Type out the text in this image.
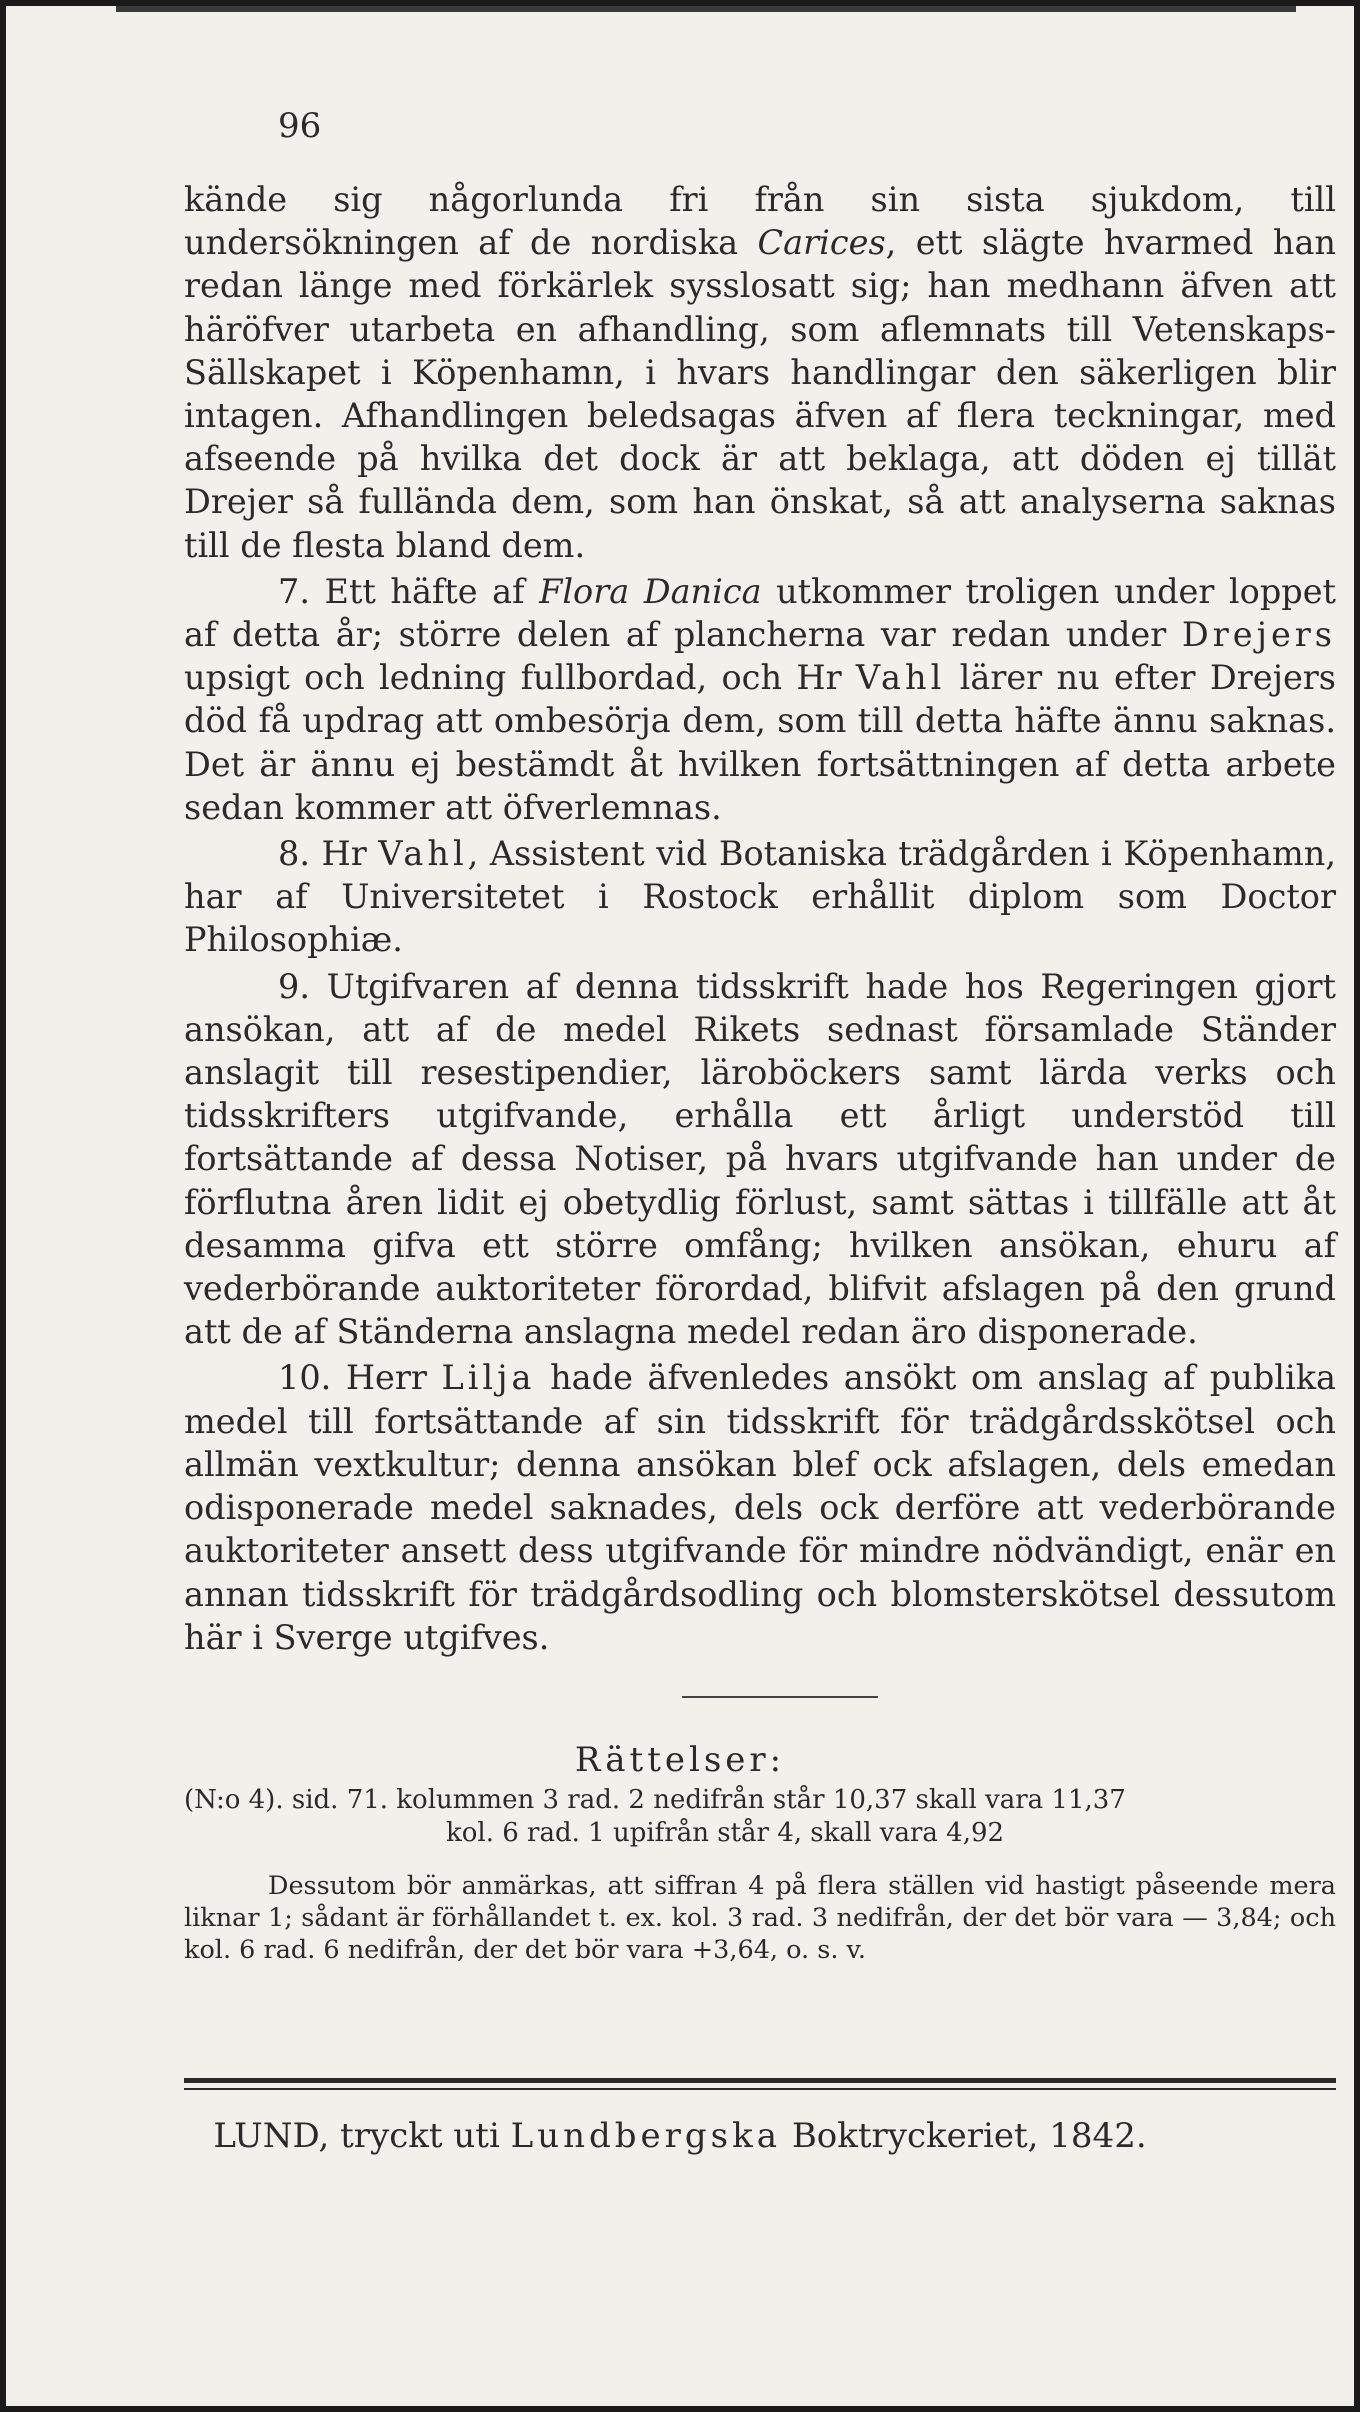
96

kände sig någorlunda fri från sin sista sjukdom, till undersökningen af de nordiska Carices, ett slägte hvarmed han redan länge med förkärlek sysslosatt sig; han medhann äfven att häröfver utarbeta en afhandling, som aflemnats till Vetenskaps-Sällskapet i Köpenhamn, i hvars handlingar den säkerligen blir intagen. Afhandlingen beledsagas äfven af flera teckningar, med afseende på hvilka det dock är att beklaga, att döden ej tillät Drejer så fullända dem, som han önskat, så att analyserna saknas till de flesta bland dem.

7. Ett häfte af Flora Danica utkommer troligen under loppet af detta år; större delen af plancherna var redan under Drejers upsigt och ledning fullbordad, och Hr Vahl lärer nu efter Drejers död få updrag att ombesörja dem, som till detta häfte ännu saknas. Det är ännu ej bestämdt åt hvilken fortsättningen af detta arbete sedan kommer att öfverlemnas.

8. Hr Vahl, Assistent vid Botaniska trädgården i Köpenhamn, har af Universitetet i Rostock erhållit diplom som Doctor Philosophiæ.

9. Utgifvaren af denna tidsskrift hade hos Regeringen gjort ansökan, att af de medel Rikets sednast församlade Ständer anslagit till resestipendier, läroböckers samt lärda verks och tidsskrifters utgifvande, erhålla ett årligt understöd till fortsättande af dessa Notiser, på hvars utgifvande han under de förflutna åren lidit ej obetydlig förlust, samt sättas i tillfälle att åt desamma gifva ett större omfång; hvilken ansökan, ehuru af vederbörande auktoriteter förordad, blifvit afslagen på den grund att de af Ständerna anslagna medel redan äro disponerade.

10. Herr Lilja hade äfvenledes ansökt om anslag af publika medel till fortsättande af sin tidsskrift för trädgårdsskötsel och allmän vextkultur; denna ansökan blef ock afslagen, dels emedan odisponerade medel saknades, dels ock derföre att vederbörande auktoriteter ansett dess utgifvande för mindre nödvändigt, enär en annan tidsskrift för trädgårdsodling och blomsterskötsel dessutom här i Sverge utgifves.

Rättelser:

(N:o 4). sid. 71. kolummen 3 rad. 2 nedifrån står 10,37 skall vara 11,37

kol. 6 rad. 1 upifrån står 4, skall vara 4,92

Dessutom bör anmärkas, att siffran 4 på flera ställen vid hastigt påseende mera liknar 1; sådant är förhållandet t. ex. kol. 3 rad. 3 nedifrån, der det bör vara — 3,84; och kol. 6 rad. 6 nedifrån, der det bör vara +3,64, o. s. v.

LUND, tryckt uti Lundbergska Boktryckeriet, 1842.
